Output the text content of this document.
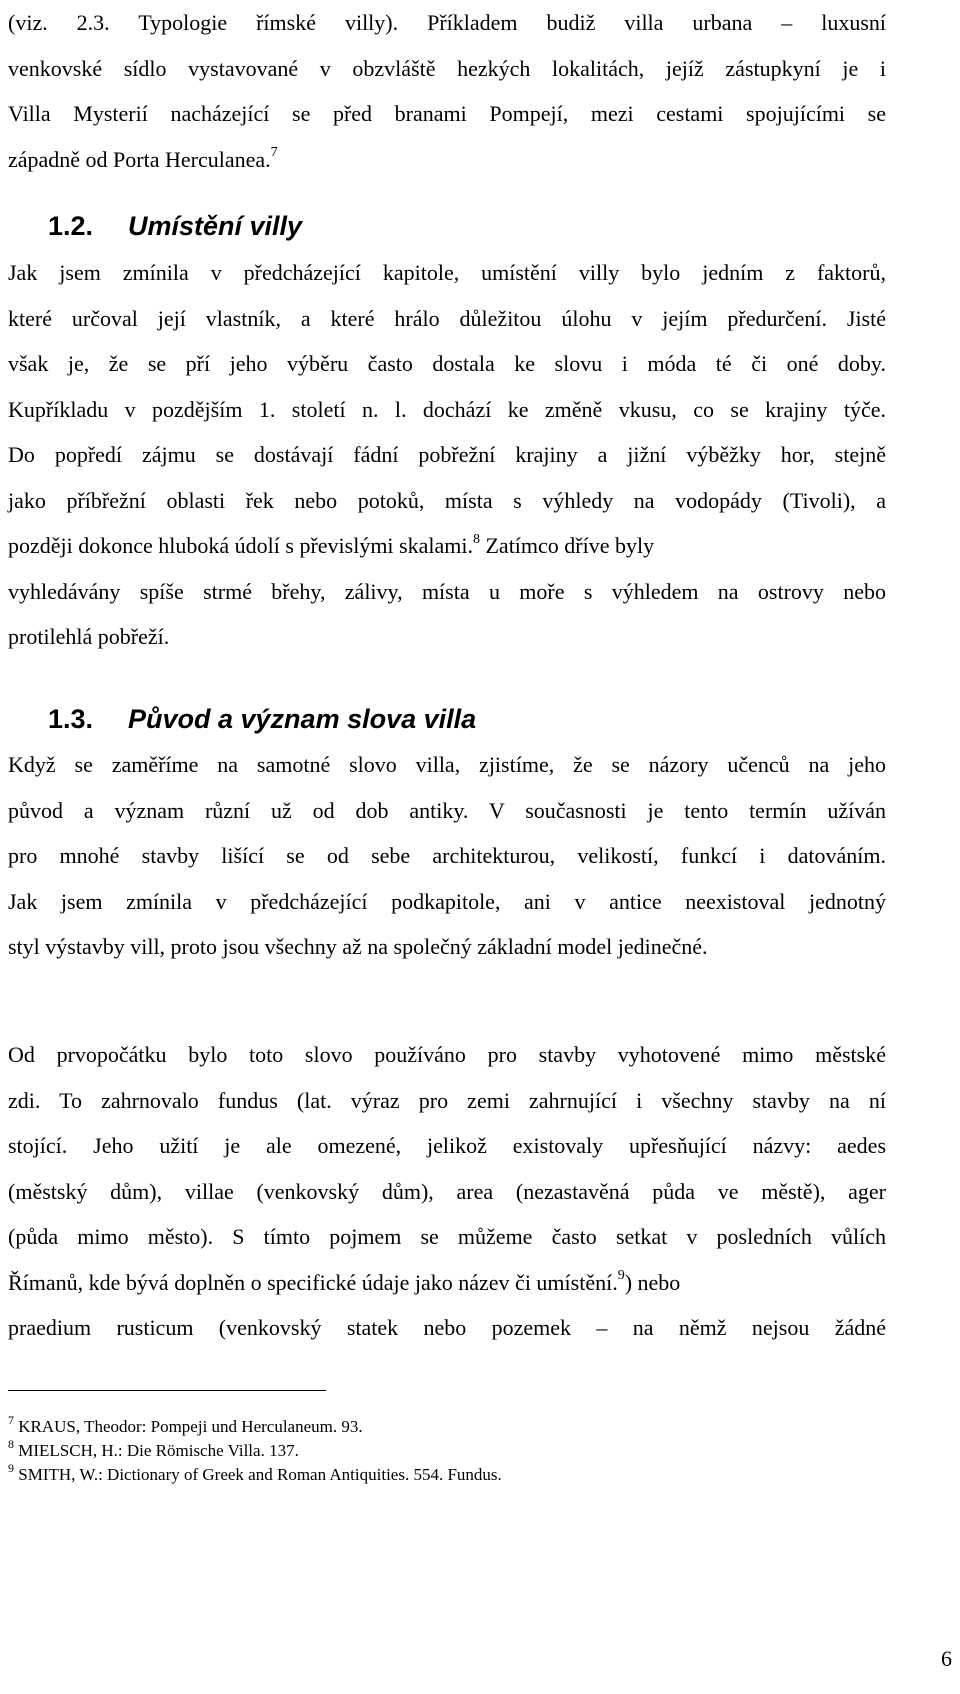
(viz. 2.3. Typologie římské villy). Příkladem budiž villa urbana – luxusní
venkovské sídlo vystavované v obzvláště hezkých lokalitách, jejíž zástupkyní je i
Villa Mysterií nacházející se před branami Pompejí, mezi cestami spojujícími se
západně od Porta Herculanea.$^7$
1.2. Umístění villy
Jak jsem zmínila v předcházející kapitole, umístění villy bylo jedním z faktorů,
které určoval její vlastník, a které hrálo důležitou úlohu v jejím předurčení. Jisté
však je, že se pří jeho výběru často dostala ke slovu i móda té či oné doby.
Kupříkladu v pozdějším 1. století n. l. dochází ke změně vkusu, co se krajiny týče.
Do popředí zájmu se dostávají fádní pobřežní krajiny a jižní výběžky hor, stejně
jako příbřežní oblasti řek nebo potoků, místa s výhledy na vodopády (Tivoli), a
později dokonce hluboká údolí s převislými skalami.$^8$ Zatímco dříve byly
vyhledávány spíše strmé břehy, zálivy, místa u moře s výhledem na ostrovy nebo
protilehlá pobřeží.
1.3. Původ a význam slova villa
Když se zaměříme na samotné slovo villa, zjistíme, že se názory učenců na jeho
původ a význam různí už od dob antiky. V současnosti je tento termín užíván
pro mnohé stavby lišící se od sebe architekturou, velikostí, funkcí i datováním.
Jak jsem zmínila v předcházející podkapitole, ani v antice neexistoval jednotný
styl výstavby vill, proto jsou všechny až na společný základní model jedinečné.
Od prvopočátku bylo toto slovo používáno pro stavby vyhotovené mimo městské
zdi. To zahrnovalo fundus (lat. výraz pro zemi zahrnující i všechny stavby na ní
stojící. Jeho užití je ale omezené, jelikož existovaly upřesňující názvy: aedes
(městský dům), villae (venkovský dům), area (nezastavěná půda ve městě), ager
(půda mimo město). S tímto pojmem se můžeme často setkat v posledních vůlích
Římanů, kde bývá doplněn o specifické údaje jako název či umístění.$^9$) nebo
praedium rusticum (venkovský statek nebo pozemek – na němž nejsou žádné
$^7$ KRAUS, Theodor: Pompeji und Herculaneum. 93.
$^8$ MIELSCH, H.: Die Römische Villa. 137.
$^9$ SMITH, W.: Dictionary of Greek and Roman Antiquities. 554. Fundus.
6
